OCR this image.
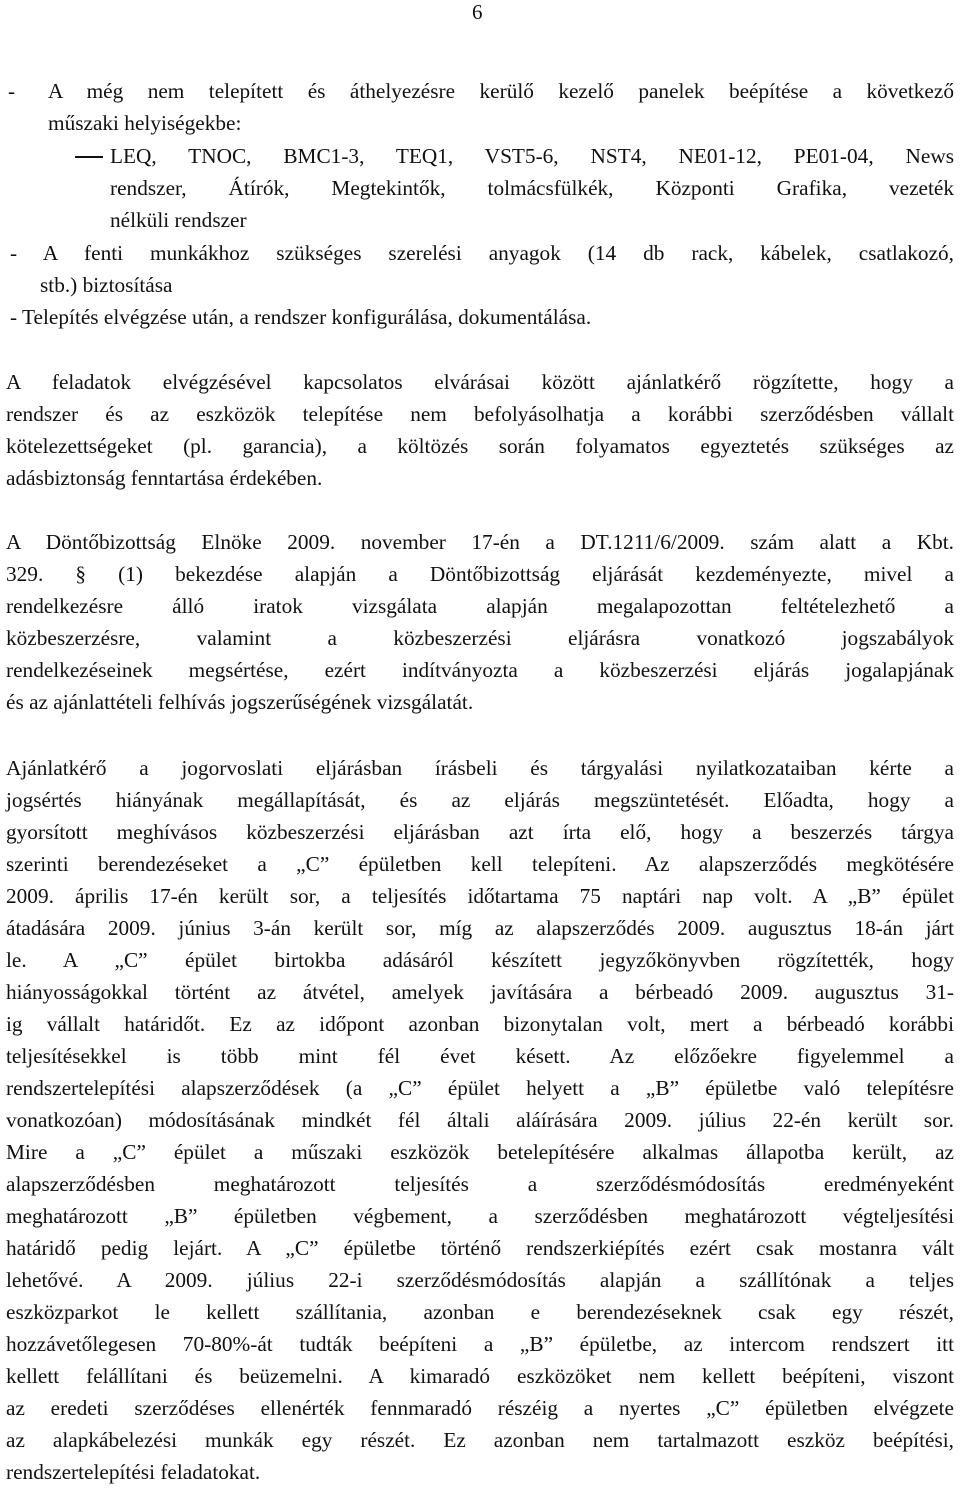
6
-	A még nem telepített és áthelyezésre kerülő kezelő panelek beépítése a következő
műszaki helyiségekbe:
LEQ, TNOC, BMC1-3, TEQ1, VST5-6, NST4, NE01-12, PE01-04, News
rendszer, Átírók, Megtekintők, tolmácsfülkék, Központi Grafika, vezeték
nélküli rendszer
- A fenti munkákhoz szükséges szerelési anyagok (14 db rack, kábelek, csatlakozó,
stb.) biztosítása
- Telepítés elvégzése után, a rendszer konfigurálása, dokumentálása.
A feladatok elvégzésével kapcsolatos elvárásai között ajánlatkérő rögzítette, hogy a
rendszer és az eszközök telepítése nem befolyásolhatja a korábbi szerződésben vállalt
kötelezettségeket (pl. garancia), a költözés során folyamatos egyeztetés szükséges az
adásbiztonság fenntartása érdekében.
A Döntőbizottság Elnöke 2009. november 17-én a DT.1211/6/2009. szám alatt a Kbt.
329. § (1) bekezdése alapján a Döntőbizottság eljárását kezdeményezte, mivel a
rendelkezésre álló iratok vizsgálata alapján megalapozottan feltételezhető a
közbeszerzésre, valamint a közbeszerzési eljárásra vonatkozó jogszabályok
rendelkezéseinek megsértése, ezért indítványozta a közbeszerzési eljárás jogalapjának
és az ajánlattételi felhívás jogszerűségének vizsgálatát.
Ajánlatkérő a jogorvoslati eljárásban írásbeli és tárgyalási nyilatkozataiban kérte a
jogsértés hiányának megállapítását, és az eljárás megszüntetését. Előadta, hogy a
gyorsított meghívásos közbeszerzési eljárásban azt írta elő, hogy a beszerzés tárgya
szerinti berendezéseket a „C” épületben kell telepíteni. Az alapszerződés megkötésére
2009. április 17-én került sor, a teljesítés időtartama 75 naptári nap volt. A „B” épület
átadására 2009. június 3-án került sor, míg az alapszerződés 2009. augusztus 18-án járt
le. A „C” épület birtokba adásáról készített jegyzőkönyvben rögzítették, hogy
hiányosságokkal történt az átvétel, amelyek javítására a bérbeadó 2009. augusztus 31-
ig vállalt határidőt. Ez az időpont azonban bizonytalan volt, mert a bérbeadó korábbi
teljesítésekkel is több mint fél évet késett. Az előzőekre figyelemmel a
rendszertelepítési alapszerződések (a „C” épület helyett a „B” épületbe való telepítésre
vonatkozóan) módosításának mindkét fél általi aláírására 2009. július 22-én került sor.
Mire a „C” épület a műszaki eszközök betelepítésére alkalmas állapotba került, az
alapszerződésben meghatározott teljesítés a szerződésmódosítás eredményeként
meghatározott „B” épületben végbement, a szerződésben meghatározott végteljesítési
határidő pedig lejárt. A „C” épületbe történő rendszerkiépítés ezért csak mostanra vált
lehetővé. A 2009. július 22-i szerződésmódosítás alapján a szállítónak a teljes
eszközparkot le kellett szállítania, azonban e berendezéseknek csak egy részét,
hozzávetőlegesen 70-80%-át tudták beépíteni a „B” épületbe, az intercom rendszert itt
kellett felállítani és beüzemelni. A kimaradó eszközöket nem kellett beépíteni, viszont
az eredeti szerződéses ellenérték fennmaradó részéig a nyertes „C” épületben elvégzete
az alapkábelezési munkák egy részét. Ez azonban nem tartalmazott eszköz beépítési,
rendszertelepítési feladatokat.
